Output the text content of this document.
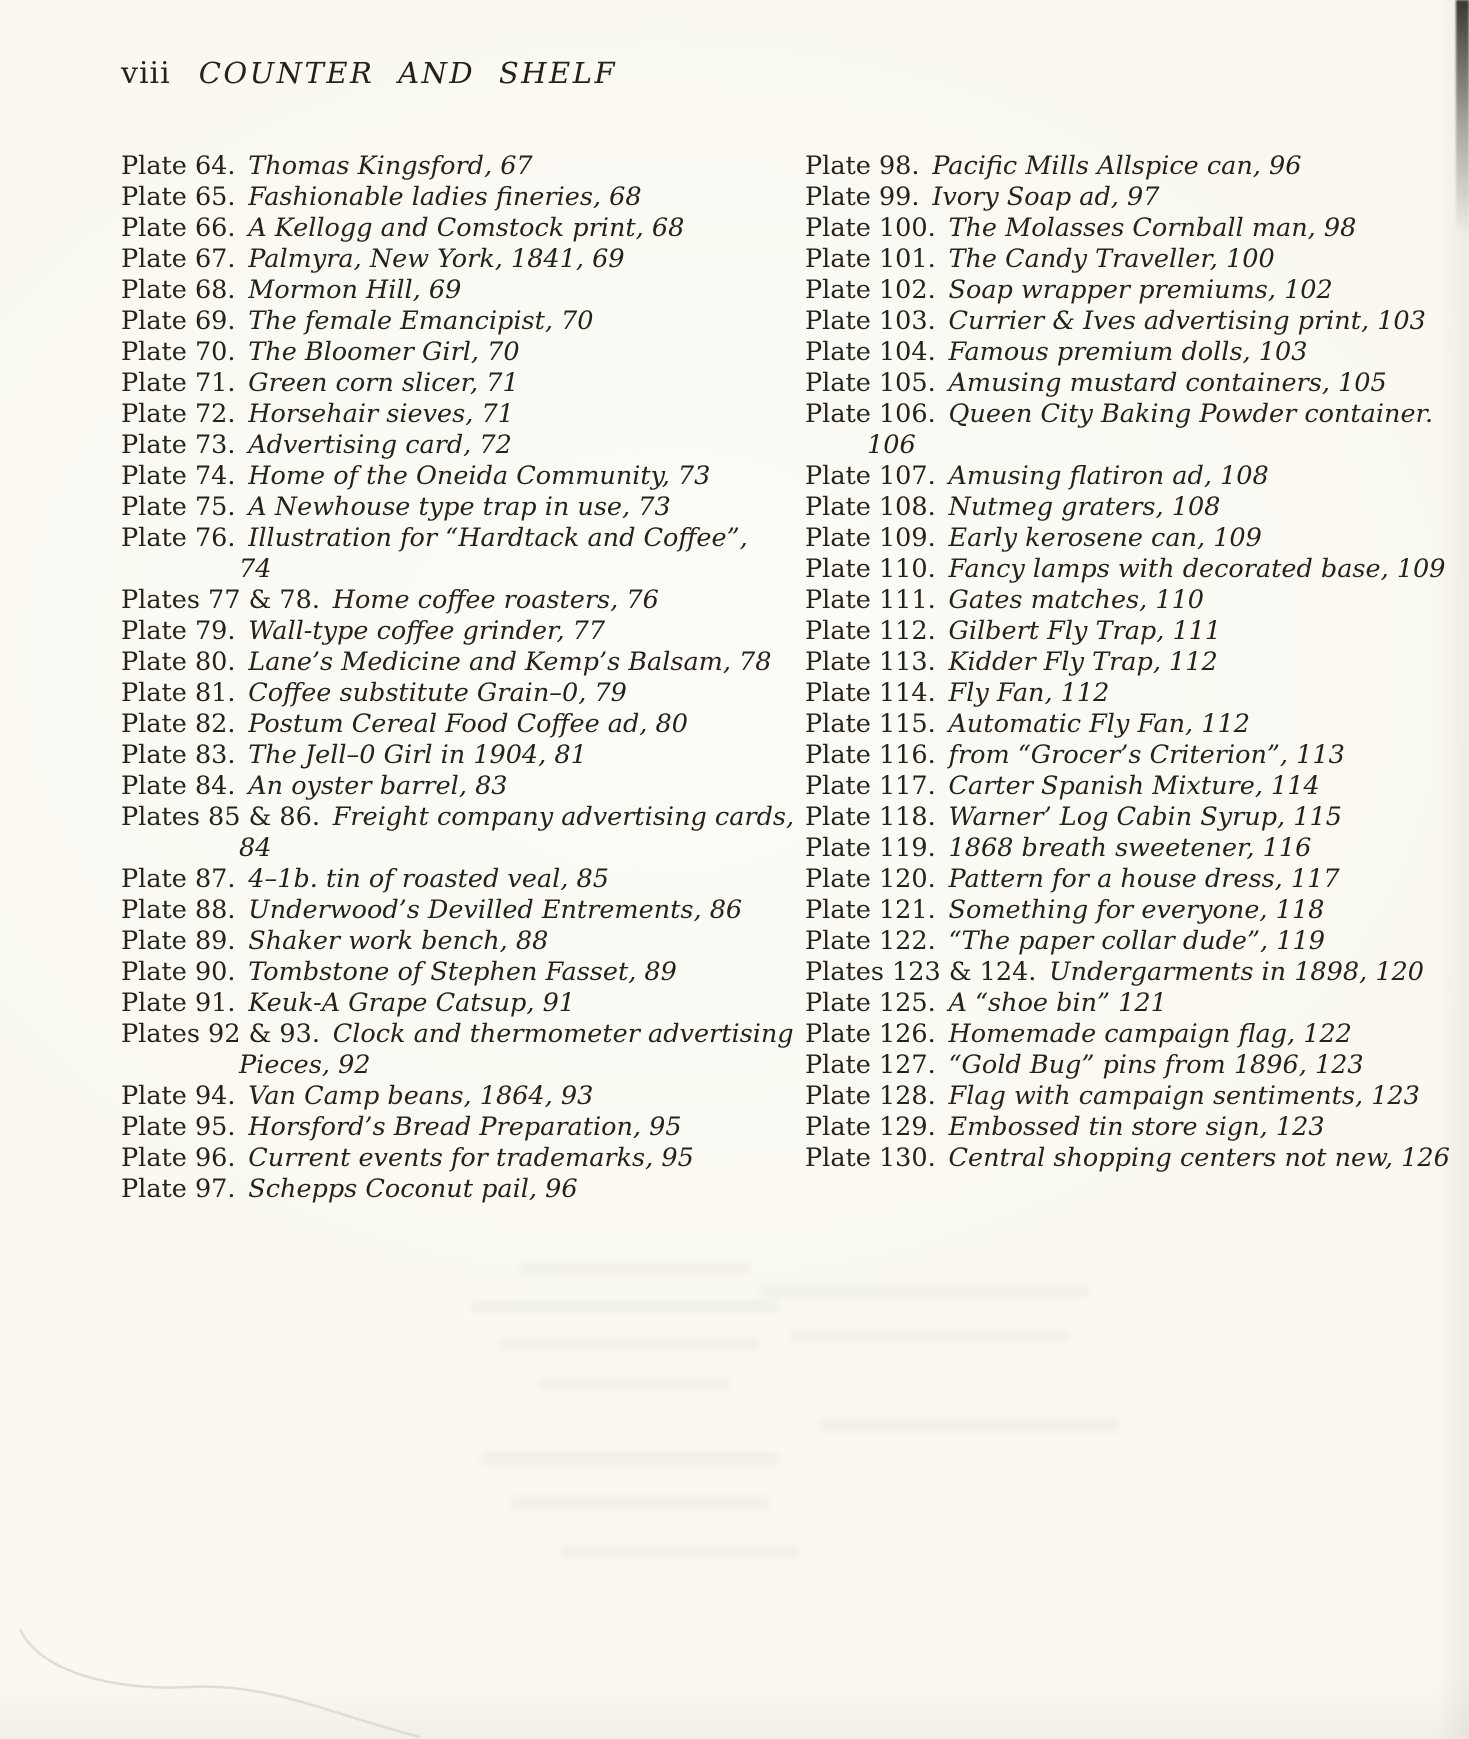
viii COUNTER AND SHELF
Plate 64.  Thomas Kingsford, 67
Plate 65.  Fashionable ladies fineries, 68
Plate 66.  A Kellogg and Comstock print, 68
Plate 67.  Palmyra, New York, 1841, 69
Plate 68.  Mormon Hill, 69
Plate 69.  The female Emancipist, 70
Plate 70.  The Bloomer Girl, 70
Plate 71.  Green corn slicer, 71
Plate 72.  Horsehair sieves, 71
Plate 73.  Advertising card, 72
Plate 74.  Home of the Oneida Community, 73
Plate 75.  A Newhouse type trap in use, 73
Plate 76.  Illustration for “Hardtack and Coffee”,
74
Plates 77 & 78.  Home coffee roasters, 76
Plate 79.  Wall-type coffee grinder, 77
Plate 80.  Lane’s Medicine and Kemp’s Balsam, 78
Plate 81.  Coffee substitute Grain–0, 79
Plate 82.  Postum Cereal Food Coffee ad, 80
Plate 83.  The Jell–0 Girl in 1904, 81
Plate 84.  An oyster barrel, 83
Plates 85 & 86.  Freight company advertising cards,
84
Plate 87.  4–1b. tin of roasted veal, 85
Plate 88.  Underwood’s Devilled Entrements, 86
Plate 89.  Shaker work bench, 88
Plate 90.  Tombstone of Stephen Fasset, 89
Plate 91.  Keuk-A Grape Catsup, 91
Plates 92 & 93.  Clock and thermometer advertising
Pieces, 92
Plate 94.  Van Camp beans, 1864, 93
Plate 95.  Horsford’s Bread Preparation, 95
Plate 96.  Current events for trademarks, 95
Plate 97.  Schepps Coconut pail, 96
Plate 98.  Pacific Mills Allspice can, 96
Plate 99.  Ivory Soap ad, 97
Plate 100.  The Molasses Cornball man, 98
Plate 101.  The Candy Traveller, 100
Plate 102.  Soap wrapper premiums, 102
Plate 103.  Currier & Ives advertising print, 103
Plate 104.  Famous premium dolls, 103
Plate 105.  Amusing mustard containers, 105
Plate 106.  Queen City Baking Powder container.
106
Plate 107.  Amusing flatiron ad, 108
Plate 108.  Nutmeg graters, 108
Plate 109.  Early kerosene can, 109
Plate 110.  Fancy lamps with decorated base, 109
Plate 111.  Gates matches, 110
Plate 112.  Gilbert Fly Trap, 111
Plate 113.  Kidder Fly Trap, 112
Plate 114.  Fly Fan, 112
Plate 115.  Automatic Fly Fan, 112
Plate 116.  from “Grocer’s Criterion”, 113
Plate 117.  Carter Spanish Mixture, 114
Plate 118.  Warner’ Log Cabin Syrup, 115
Plate 119.  1868 breath sweetener, 116
Plate 120.  Pattern for a house dress, 117
Plate 121.  Something for everyone, 118
Plate 122.  “The paper collar dude”, 119
Plates 123 & 124.  Undergarments in 1898, 120
Plate 125.  A “shoe bin” 121
Plate 126.  Homemade campaign flag, 122
Plate 127.  “Gold Bug” pins from 1896, 123
Plate 128.  Flag with campaign sentiments, 123
Plate 129.  Embossed tin store sign, 123
Plate 130.  Central shopping centers not new, 126
